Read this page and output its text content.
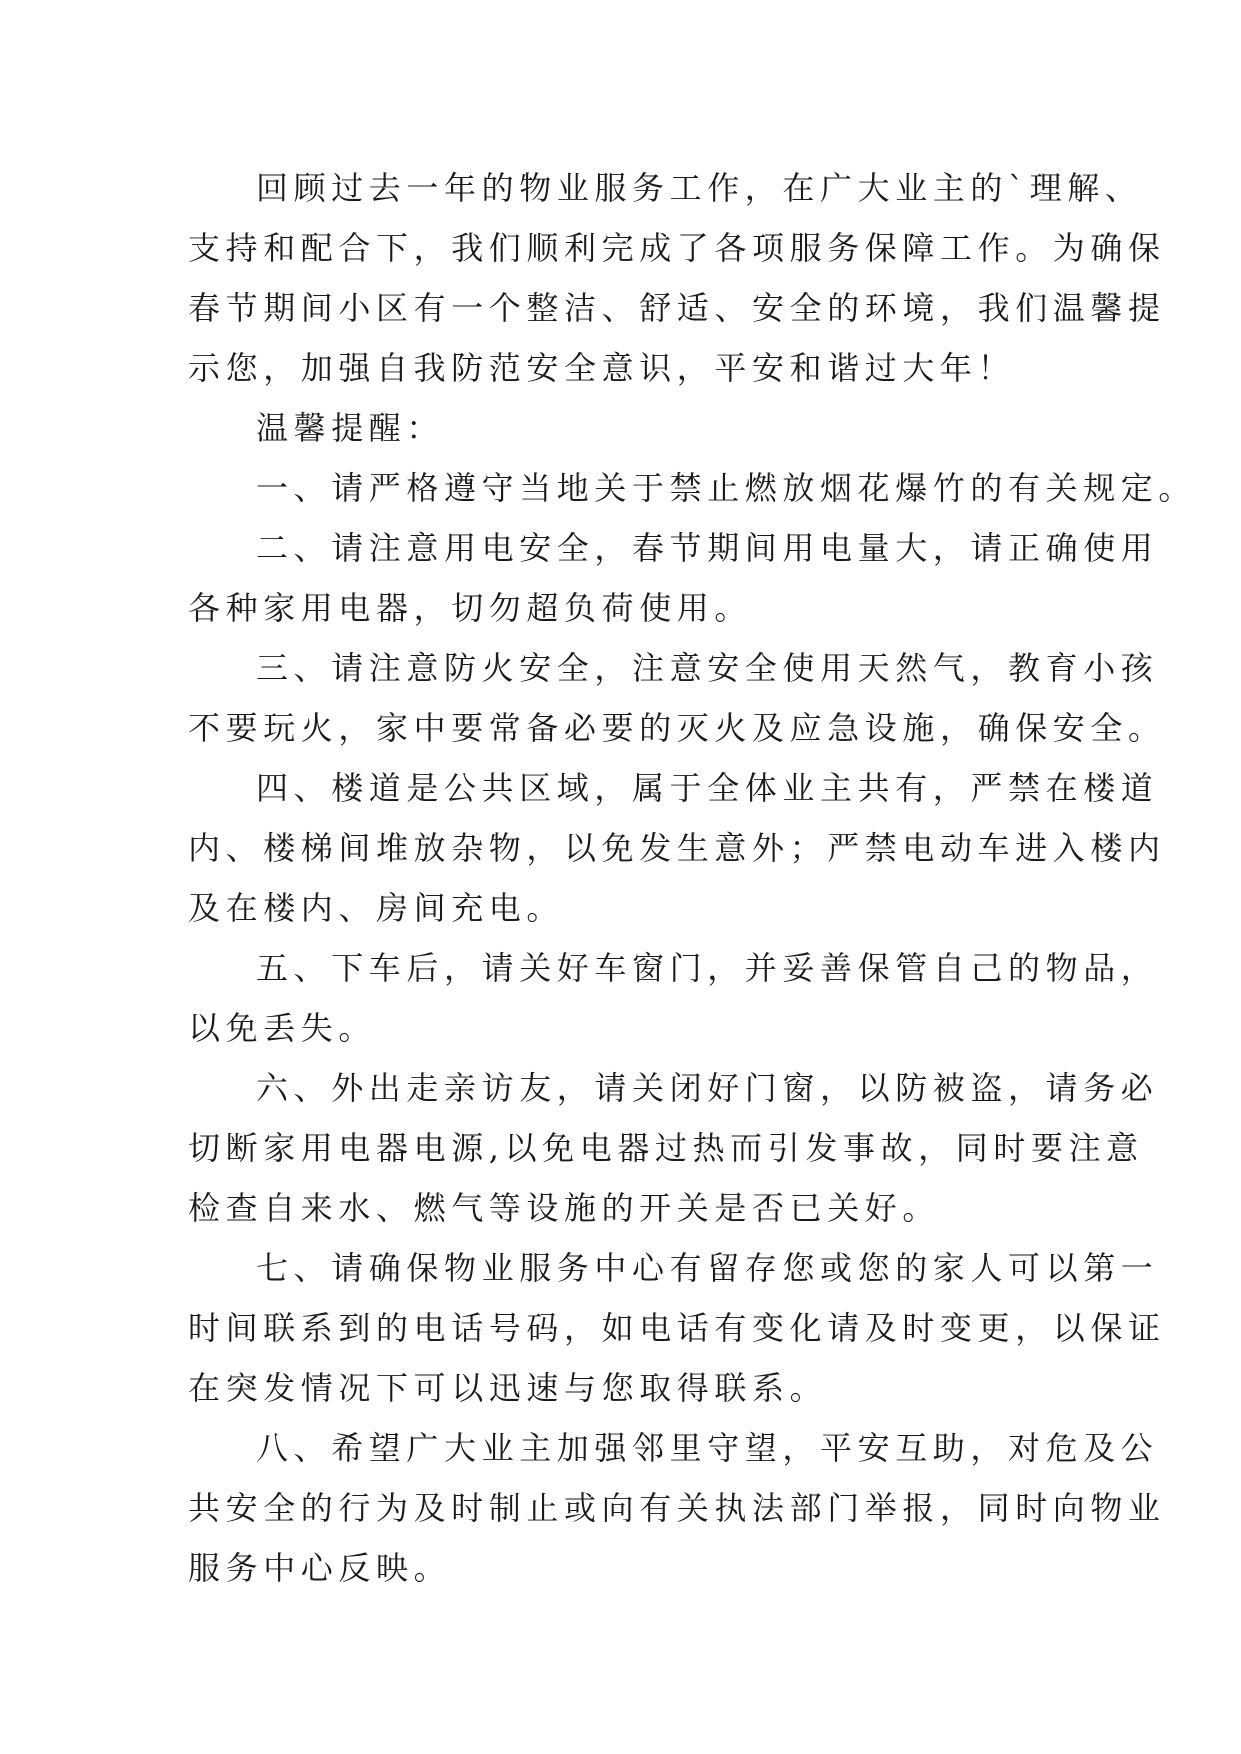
回顾过去一年的物业服务工作，在广大业主的`理解、
支持和配合下，我们顺利完成了各项服务保障工作。为确保
春节期间小区有一个整洁、舒适、安全的环境，我们温馨提
示您，加强自我防范安全意识，平安和谐过大年！
温馨提醒：
一、请严格遵守当地关于禁止燃放烟花爆竹的有关规定。
二、请注意用电安全，春节期间用电量大，请正确使用
各种家用电器，切勿超负荷使用。
三、请注意防火安全，注意安全使用天然气，教育小孩
不要玩火，家中要常备必要的灭火及应急设施，确保安全。
四、楼道是公共区域，属于全体业主共有，严禁在楼道
内、楼梯间堆放杂物，以免发生意外；严禁电动车进入楼内
及在楼内、房间充电。
五、下车后，请关好车窗门，并妥善保管自己的物品，
以免丢失。
六、外出走亲访友，请关闭好门窗，以防被盗，请务必
切断家用电器电源,以免电器过热而引发事故，同时要注意
检查自来水、燃气等设施的开关是否已关好。
七、请确保物业服务中心有留存您或您的家人可以第一
时间联系到的电话号码，如电话有变化请及时变更，以保证
在突发情况下可以迅速与您取得联系。
八、希望广大业主加强邻里守望，平安互助，对危及公
共安全的行为及时制止或向有关执法部门举报，同时向物业
服务中心反映。
